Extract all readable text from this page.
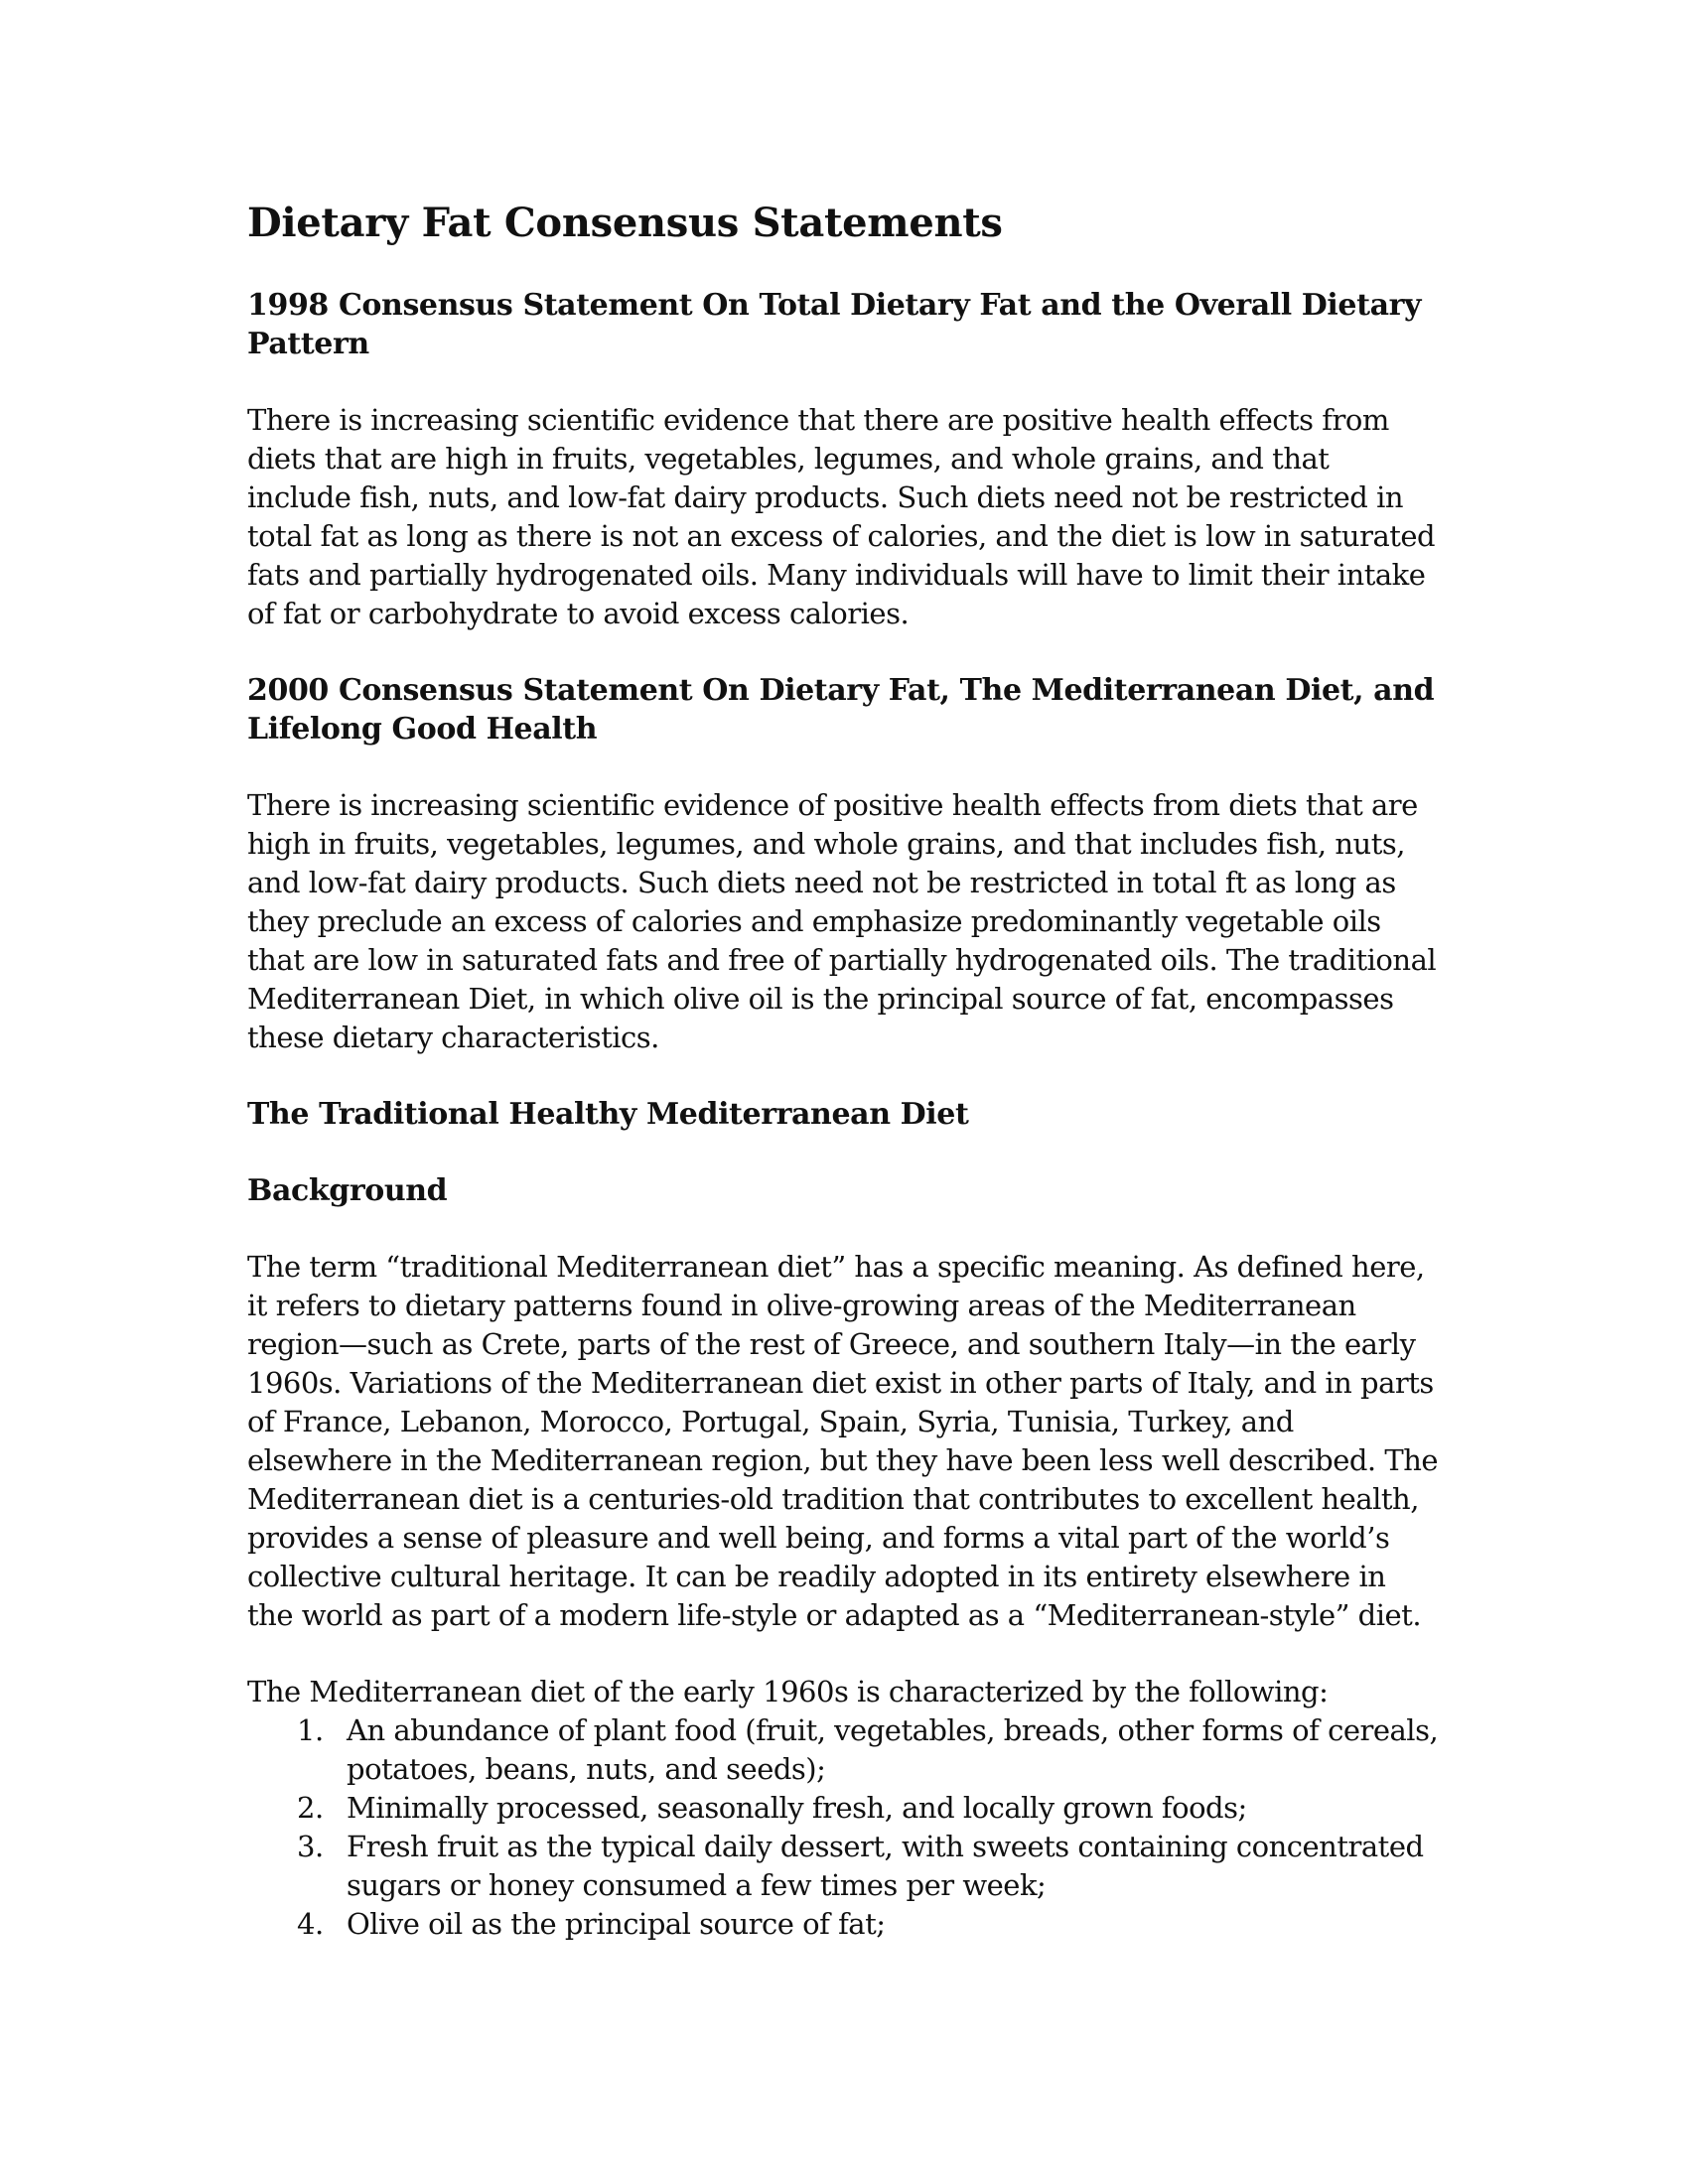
Dietary Fat Consensus Statements
1998 Consensus Statement On Total Dietary Fat and the Overall Dietary Pattern

There is increasing scientific evidence that there are positive health effects from diets that are high in fruits, vegetables, legumes, and whole grains, and that include fish, nuts, and low-fat dairy products. Such diets need not be restricted in total fat as long as there is not an excess of calories, and the diet is low in saturated fats and partially hydrogenated oils. Many individuals will have to limit their intake of fat or carbohydrate to avoid excess calories.

2000 Consensus Statement On Dietary Fat, The Mediterranean Diet, and Lifelong Good Health

There is increasing scientific evidence of positive health effects from diets that are high in fruits, vegetables, legumes, and whole grains, and that includes fish, nuts, and low-fat dairy products. Such diets need not be restricted in total ft as long as they preclude an excess of calories and emphasize predominantly vegetable oils that are low in saturated fats and free of partially hydrogenated oils. The traditional Mediterranean Diet, in which olive oil is the principal source of fat, encompasses these dietary characteristics.

The Traditional Healthy Mediterranean Diet
Background

The term “traditional Mediterranean diet” has a specific meaning. As defined here, it refers to dietary patterns found in olive-growing areas of the Mediterranean region—such as Crete, parts of the rest of Greece, and southern Italy—in the early 1960s. Variations of the Mediterranean diet exist in other parts of Italy, and in parts of France, Lebanon, Morocco, Portugal, Spain, Syria, Tunisia, Turkey, and elsewhere in the Mediterranean region, but they have been less well described. The Mediterranean diet is a centuries-old tradition that contributes to excellent health, provides a sense of pleasure and well being, and forms a vital part of the world’s collective cultural heritage. It can be readily adopted in its entirety elsewhere in the world as part of a modern life-style or adapted as a “Mediterranean-style” diet.

The Mediterranean diet of the early 1960s is characterized by the following:

1. An abundance of plant food (fruit, vegetables, breads, other forms of cereals, potatoes, beans, nuts, and seeds);
2. Minimally processed, seasonally fresh, and locally grown foods;
3. Fresh fruit as the typical daily dessert, with sweets containing concentrated sugars or honey consumed a few times per week;
4. Olive oil as the principal source of fat;
